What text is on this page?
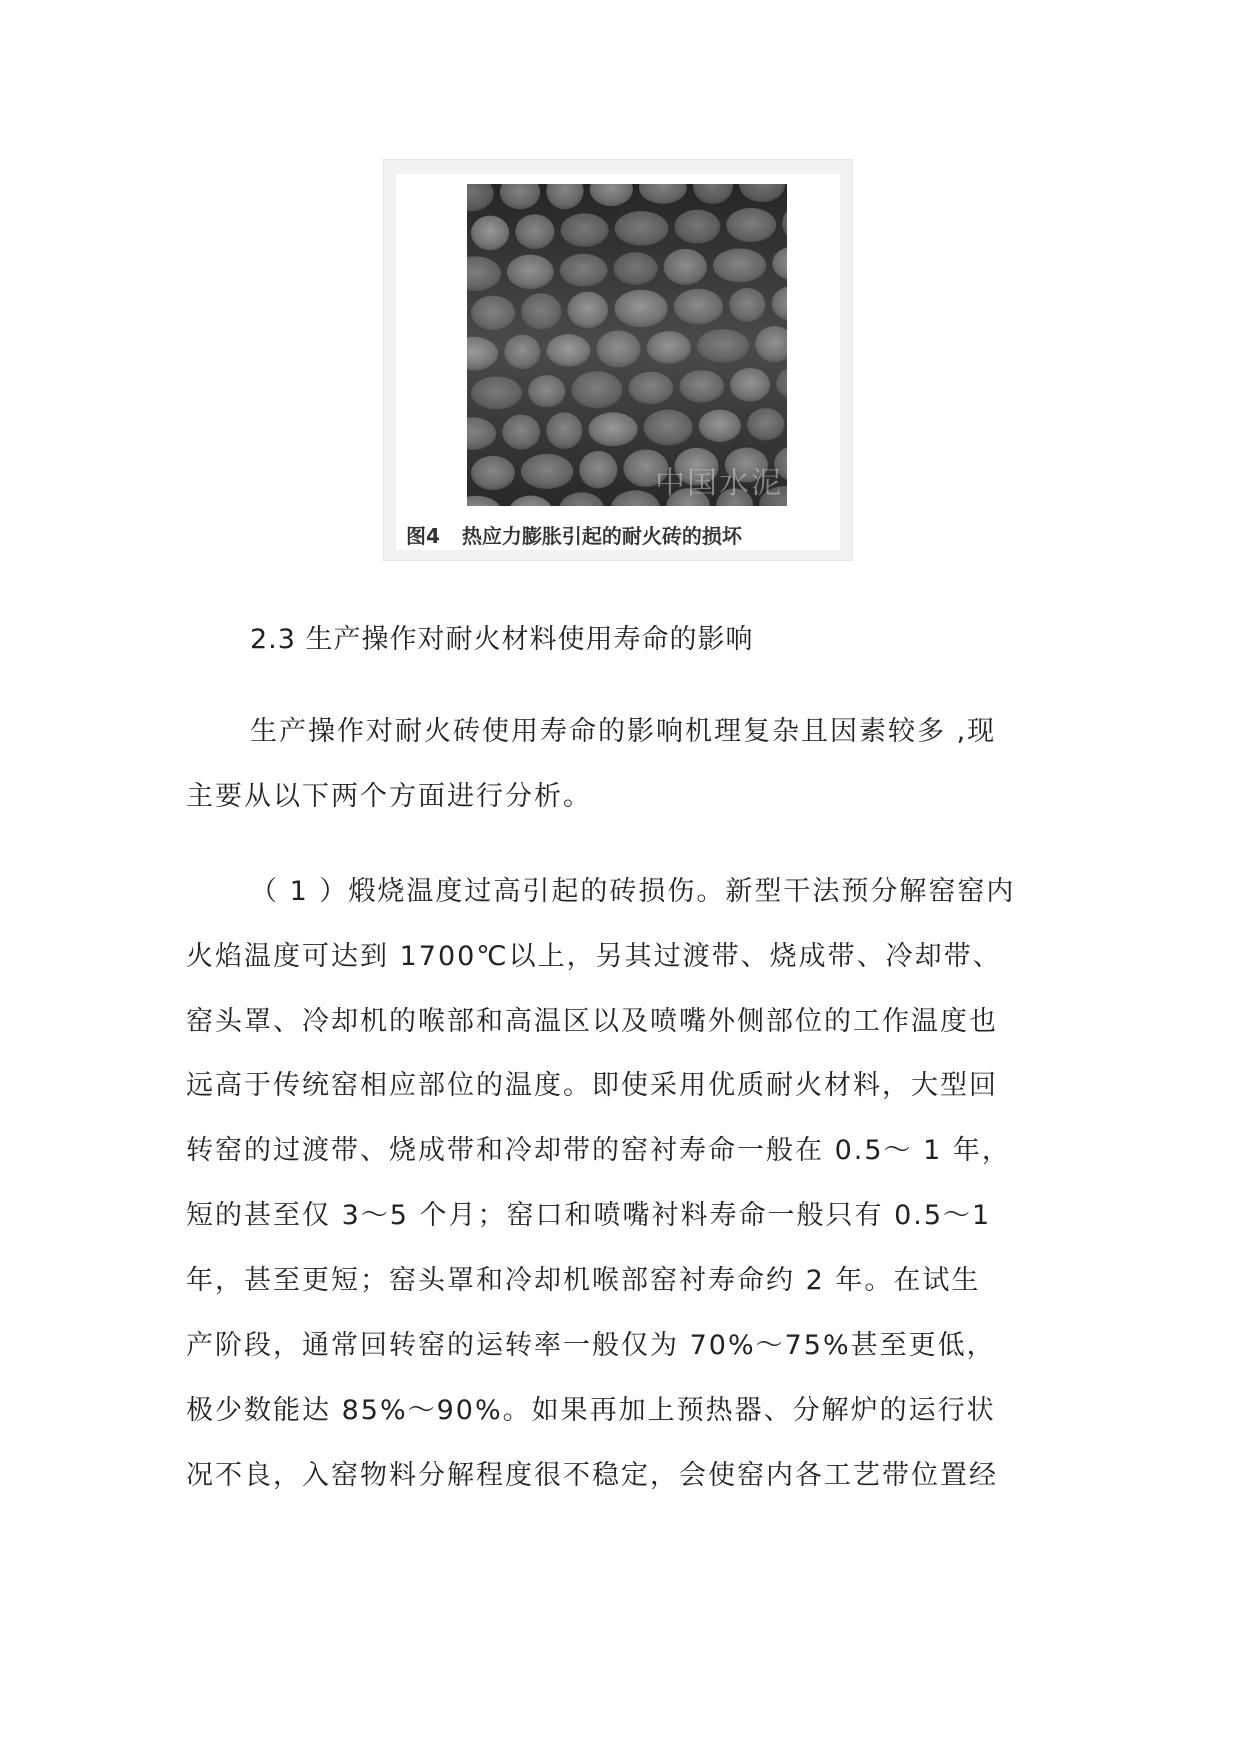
中国水泥
图4 热应力膨胀引起的耐火砖的损坏
2.3 生产操作对耐火材料使用寿命的影响
生产操作对耐火砖使用寿命的影响机理复杂且因素较多 ,现
主要从以下两个方面进行分析。
（ 1 ）煅烧温度过高引起的砖损伤。新型干法预分解窑窑内
火焰温度可达到 1700℃以上，另其过渡带、烧成带、冷却带、
窑头罩、冷却机的喉部和高温区以及喷嘴外侧部位的工作温度也
远高于传统窑相应部位的温度。即使采用优质耐火材料，大型回
转窑的过渡带、烧成带和冷却带的窑衬寿命一般在 0.5～ 1 年，
短的甚至仅 3～5 个月；窑口和喷嘴衬料寿命一般只有 0.5～1
年，甚至更短；窑头罩和冷却机喉部窑衬寿命约 2 年。在试生
产阶段，通常回转窑的运转率一般仅为 70%～75%甚至更低，
极少数能达 85%～90%。如果再加上预热器、分解炉的运行状
况不良，入窑物料分解程度很不稳定，会使窑内各工艺带位置经
